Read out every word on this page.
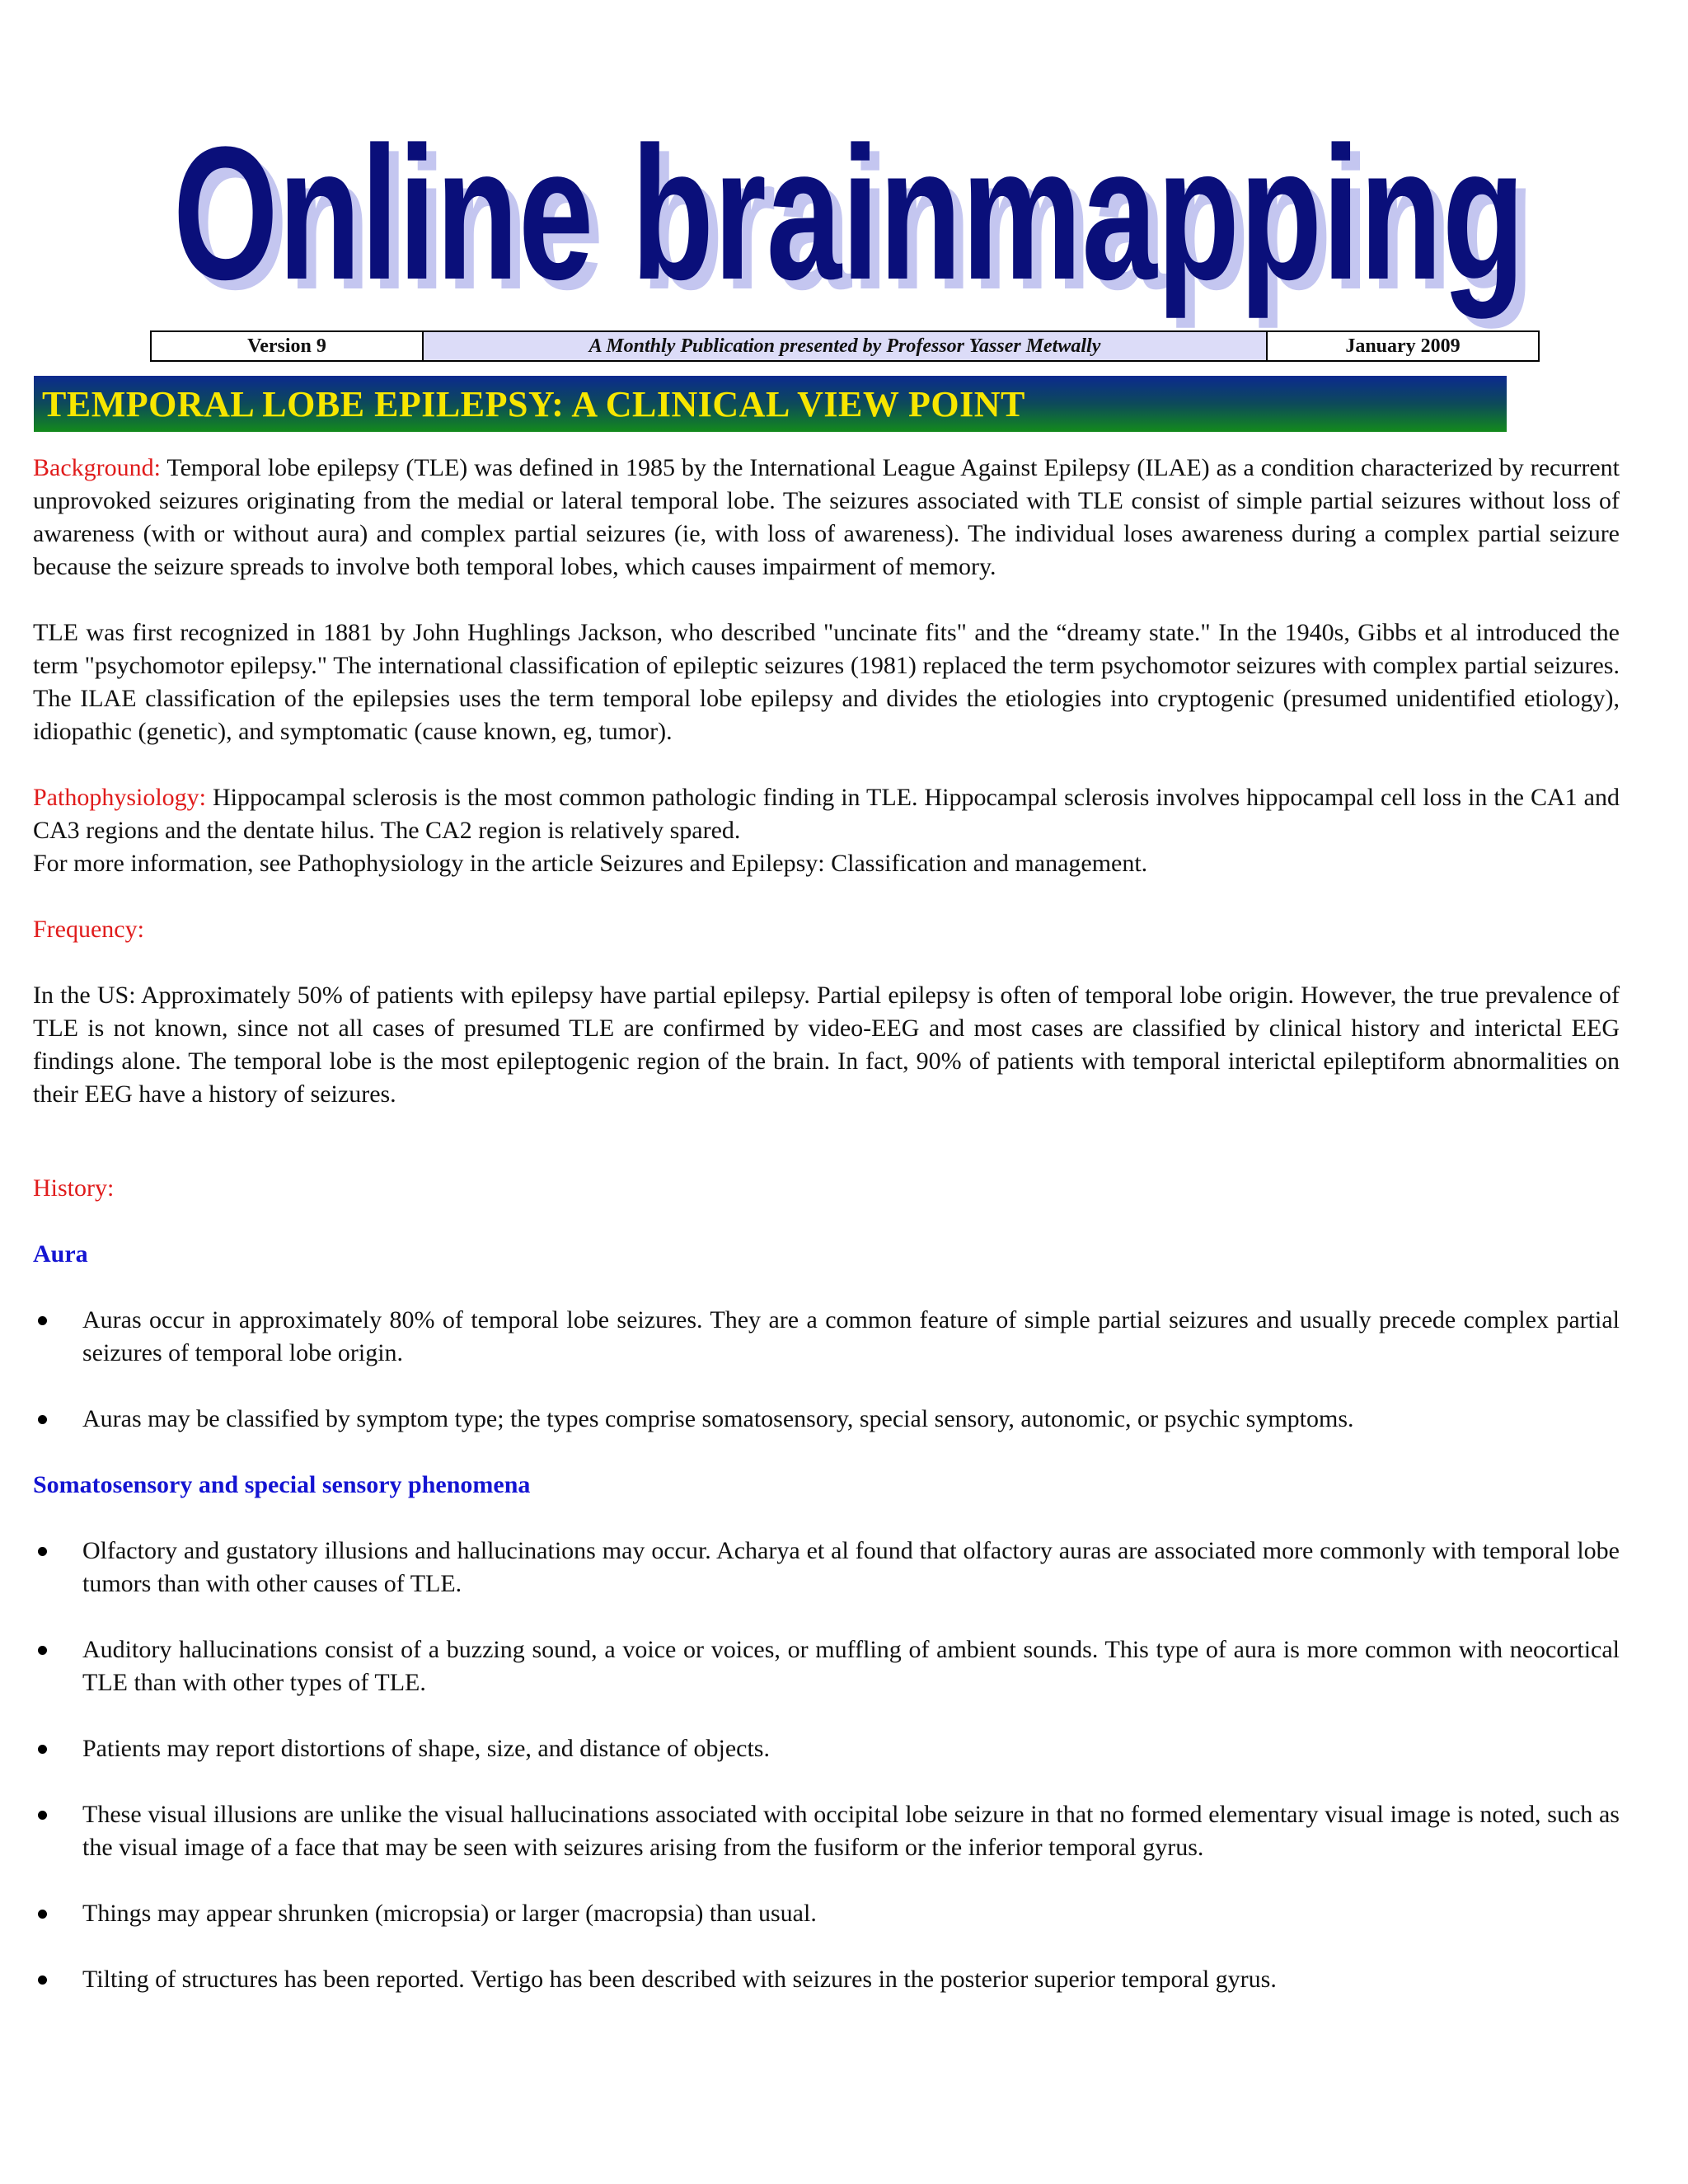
Online brainmapping
Online brainmapping
Version 9	A Monthly Publication presented by Professor Yasser Metwally	January 2009
TEMPORAL LOBE EPILEPSY: A CLINICAL VIEW POINT

Background: Temporal lobe epilepsy (TLE) was defined in 1985 by the International League Against Epilepsy (ILAE) as a condition characterized by recurrent unprovoked seizures originating from the medial or lateral temporal lobe. The seizures associated with TLE consist of simple partial seizures without loss of awareness (with or without aura) and complex partial seizures (ie, with loss of awareness). The individual loses awareness during a complex partial seizure because the seizure spreads to involve both temporal lobes, which causes impairment of memory.

TLE was first recognized in 1881 by John Hughlings Jackson, who described "uncinate fits" and the “dreamy state." In the 1940s, Gibbs et al introduced the term "psychomotor epilepsy." The international classification of epileptic seizures (1981) replaced the term psychomotor seizures with complex partial seizures. The ILAE classification of the epilepsies uses the term temporal lobe epilepsy and divides the etiologies into cryptogenic (presumed unidentified etiology), idiopathic (genetic), and symptomatic (cause known, eg, tumor).

Pathophysiology: Hippocampal sclerosis is the most common pathologic finding in TLE. Hippocampal sclerosis involves hippocampal cell loss in the CA1 and CA3 regions and the dentate hilus. The CA2 region is relatively spared.

For more information, see Pathophysiology in the article Seizures and Epilepsy: Classification and management.

Frequency:

In the US: Approximately 50% of patients with epilepsy have partial epilepsy. Partial epilepsy is often of temporal lobe origin. However, the true prevalence of TLE is not known, since not all cases of presumed TLE are confirmed by video-EEG and most cases are classified by clinical history and interictal EEG findings alone. The temporal lobe is the most epileptogenic region of the brain. In fact, 90% of patients with temporal interictal epileptiform abnormalities on their EEG have a history of seizures.

History:

Aura

Auras occur in approximately 80% of temporal lobe seizures. They are a common feature of simple partial seizures and usually precede complex partial seizures of temporal lobe origin.
Auras may be classified by symptom type; the types comprise somatosensory, special sensory, autonomic, or psychic symptoms.

Somatosensory and special sensory phenomena

Olfactory and gustatory illusions and hallucinations may occur. Acharya et al found that olfactory auras are associated more commonly with temporal lobe tumors than with other causes of TLE.
Auditory hallucinations consist of a buzzing sound, a voice or voices, or muffling of ambient sounds. This type of aura is more common with neocortical TLE than with other types of TLE.
Patients may report distortions of shape, size, and distance of objects.
These visual illusions are unlike the visual hallucinations associated with occipital lobe seizure in that no formed elementary visual image is noted, such as the visual image of a face that may be seen with seizures arising from the fusiform or the inferior temporal gyrus.
Things may appear shrunken (micropsia) or larger (macropsia) than usual.
Tilting of structures has been reported. Vertigo has been described with seizures in the posterior superior temporal gyrus.
